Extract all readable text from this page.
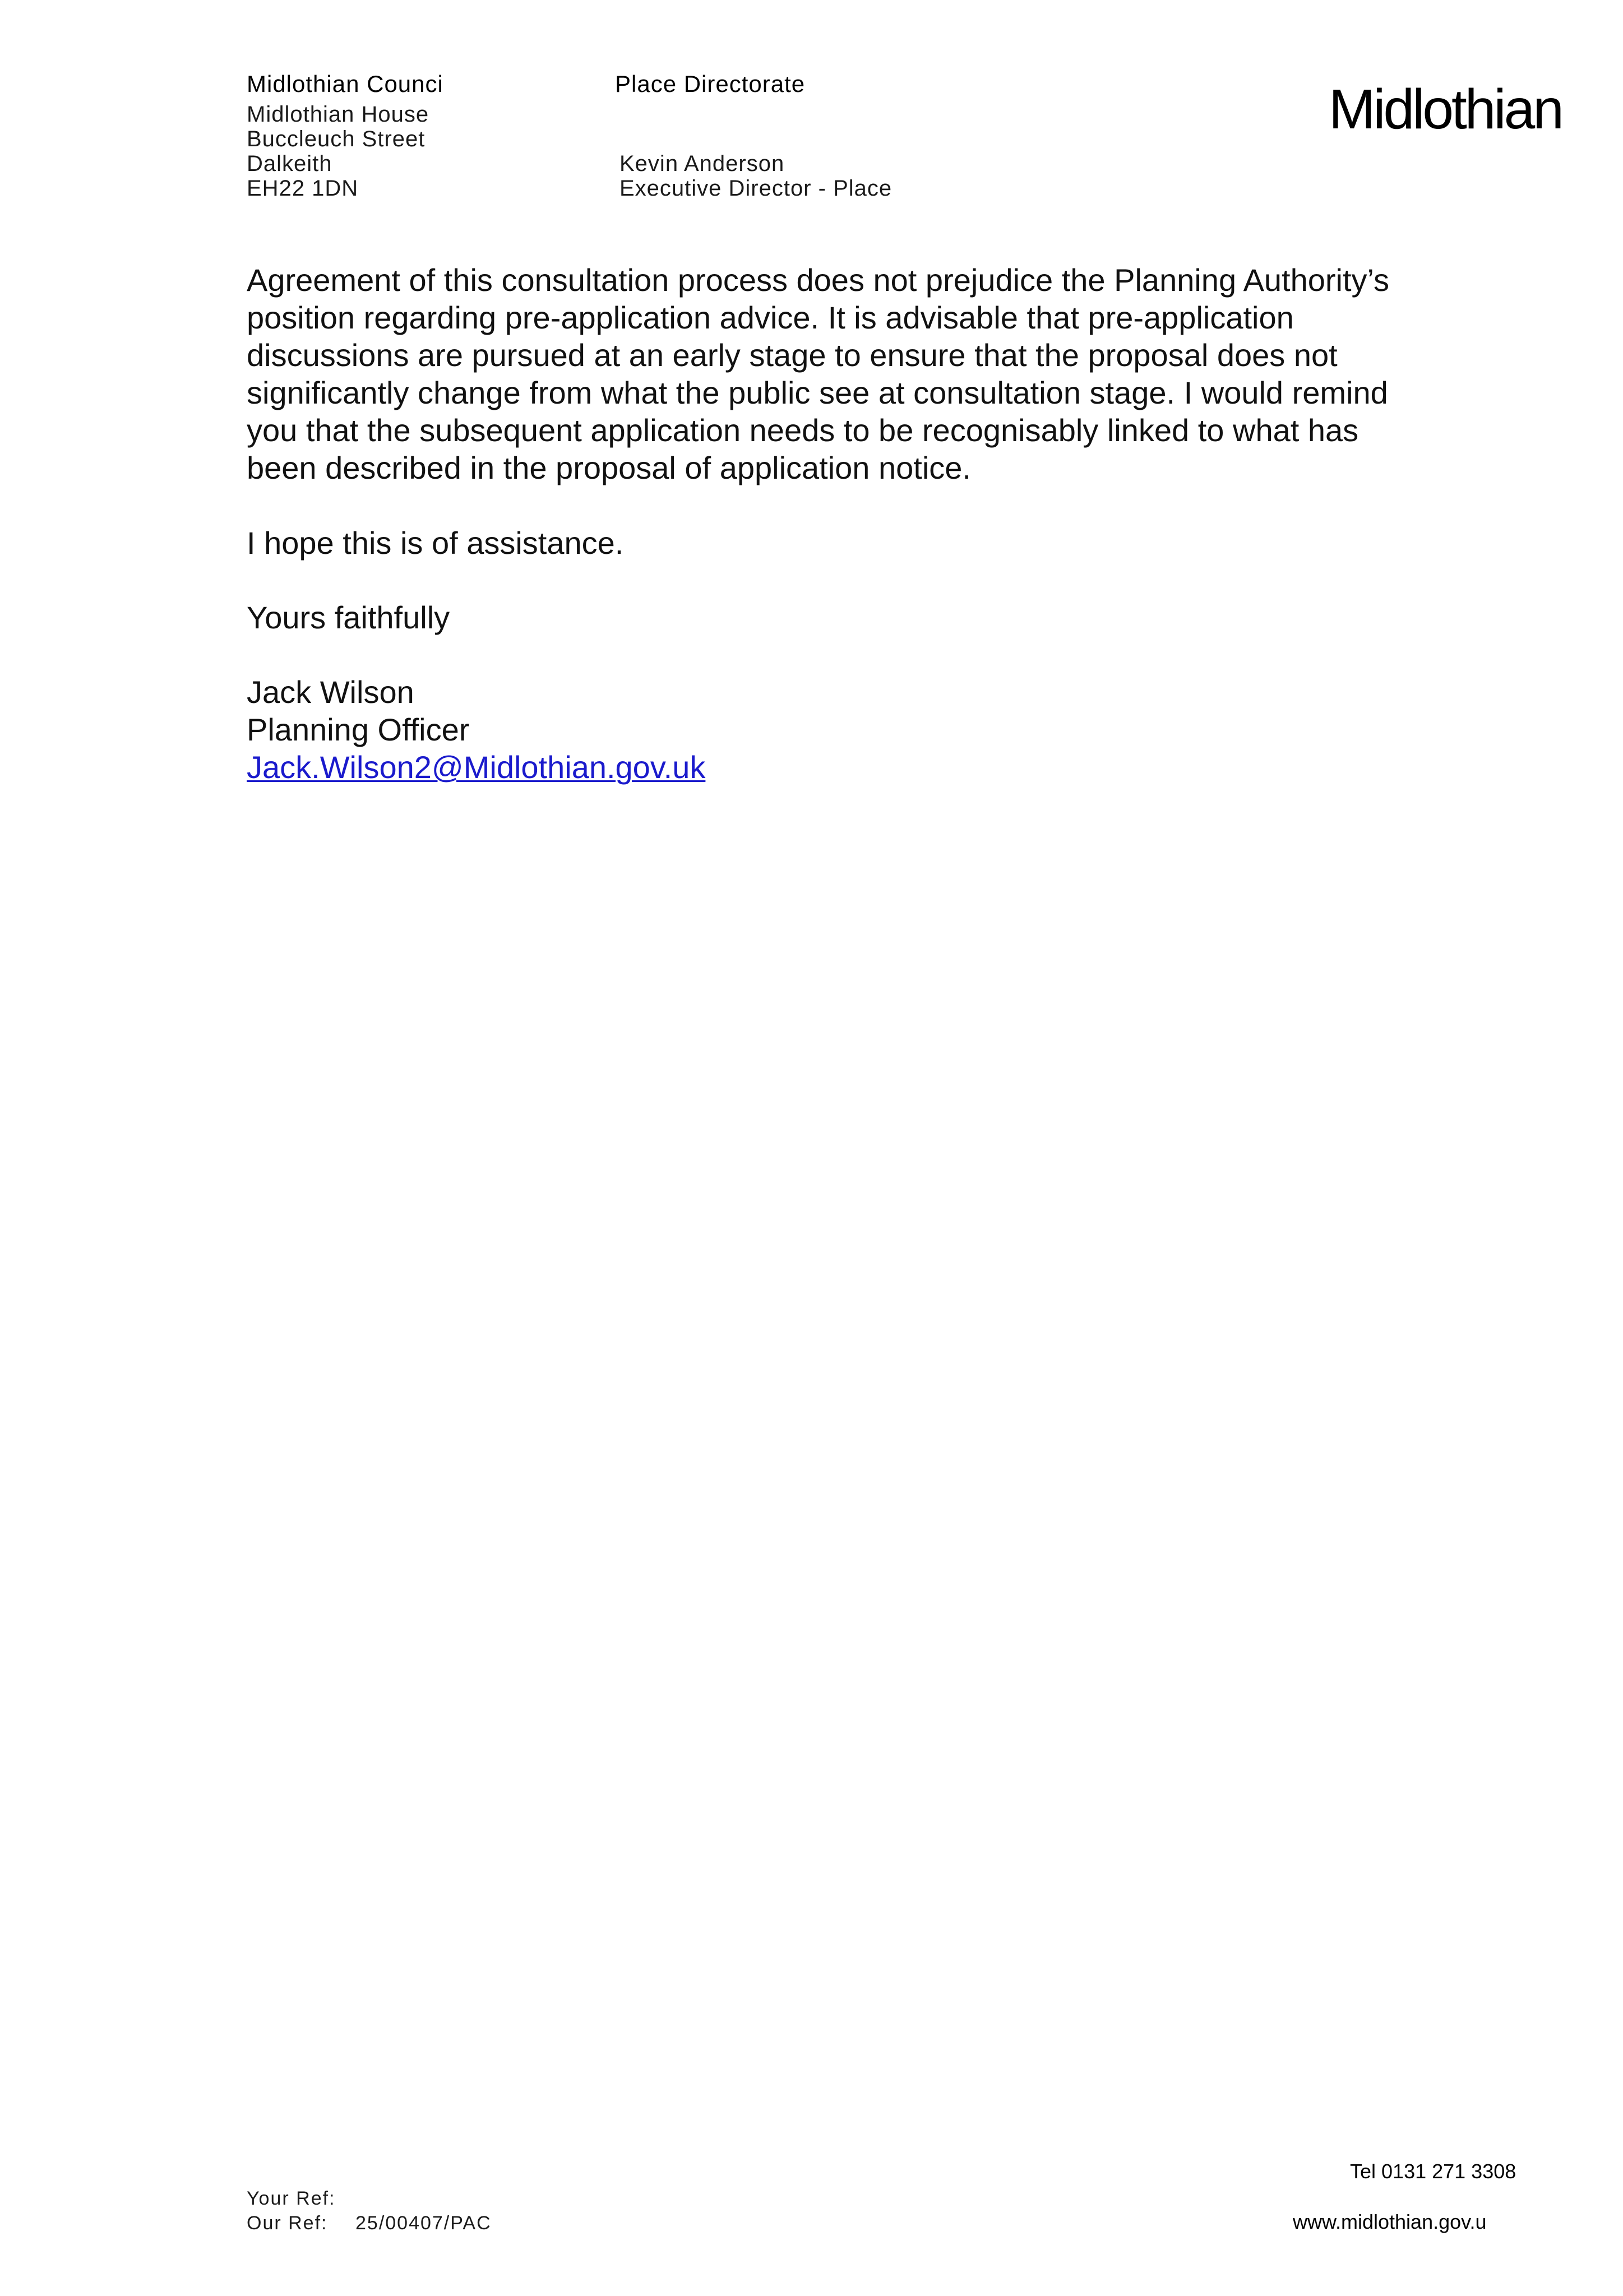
Midlothian Counci
Midlothian House
Buccleuch Street
Dalkeith
EH22 1DN
Place Directorate
Kevin Anderson
Executive Director - Place
Midlothian
Agreement of this consultation process does not prejudice the Planning Authority’s
position regarding pre-application advice. It is advisable that pre-application
discussions are pursued at an early stage to ensure that the proposal does not
significantly change from what the public see at consultation stage. I would remind
you that the subsequent application needs to be recognisably linked to what has
been described in the proposal of application notice.
I hope this is of assistance.
Yours faithfully
Jack Wilson
Planning Officer
Jack.Wilson2@Midlothian.gov.uk
Your Ref:
Our Ref: 25/00407/PAC
Tel 0131 271 3308
www.midlothian.gov.u
